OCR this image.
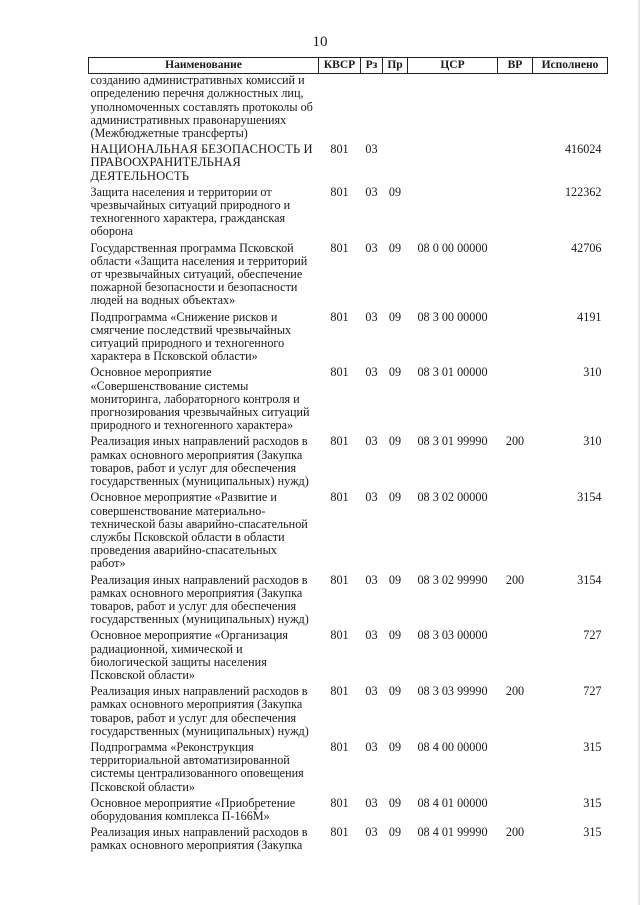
10
Наименование	КВСР	Рз	Пр	ЦСР	ВР	Исполнено
созданию административных комиссий и определению перечня должностных лиц, уполномоченных составлять протоколы об административных правонарушениях (Межбюджетные трансферты)						
НАЦИОНАЛЬНАЯ БЕЗОПАСНОСТЬ И ПРАВООХРАНИТЕЛЬНАЯ ДЕЯТЕЛЬНОСТЬ	801	03				416024
Защита населения и территории от чрезвычайных ситуаций природного и техногенного характера, гражданская оборона	801	03	09			122362
Государственная программа Псковской области «Защита населения и территорий от чрезвычайных ситуаций, обеспечение пожарной безопасности и безопасности людей на водных объектах»	801	03	09	08 0 00 00000		42706
Подпрограмма «Снижение рисков и смягчение последствий чрезвычайных ситуаций природного и техногенного характера в Псковской области»	801	03	09	08 3 00 00000		4191
Основное мероприятие «Совершенствование системы мониторинга, лабораторного контроля и прогнозирования чрезвычайных ситуаций природного и техногенного характера»	801	03	09	08 3 01 00000		310
Реализация иных направлений расходов в рамках основного мероприятия (Закупка товаров, работ и услуг для обеспечения государственных (муниципальных) нужд)	801	03	09	08 3 01 99990	200	310
Основное мероприятие «Развитие и совершенствование материально-технической базы аварийно-спасательной службы Псковской области в области проведения аварийно-спасательных работ»	801	03	09	08 3 02 00000		3154
Реализация иных направлений расходов в рамках основного мероприятия (Закупка товаров, работ и услуг для обеспечения государственных (муниципальных) нужд)	801	03	09	08 3 02 99990	200	3154
Основное мероприятие «Организация радиационной, химической и биологической защиты населения Псковской области»	801	03	09	08 3 03 00000		727
Реализация иных направлений расходов в рамках основного мероприятия (Закупка товаров, работ и услуг для обеспечения государственных (муниципальных) нужд)	801	03	09	08 3 03 99990	200	727
Подпрограмма «Реконструкция территориальной автоматизированной системы централизованного оповещения Псковской области»	801	03	09	08 4 00 00000		315
Основное мероприятие «Приобретение оборудования комплекса П-166М»	801	03	09	08 4 01 00000		315
Реализация иных направлений расходов в рамках основного мероприятия (Закупка	801	03	09	08 4 01 99990	200	315
